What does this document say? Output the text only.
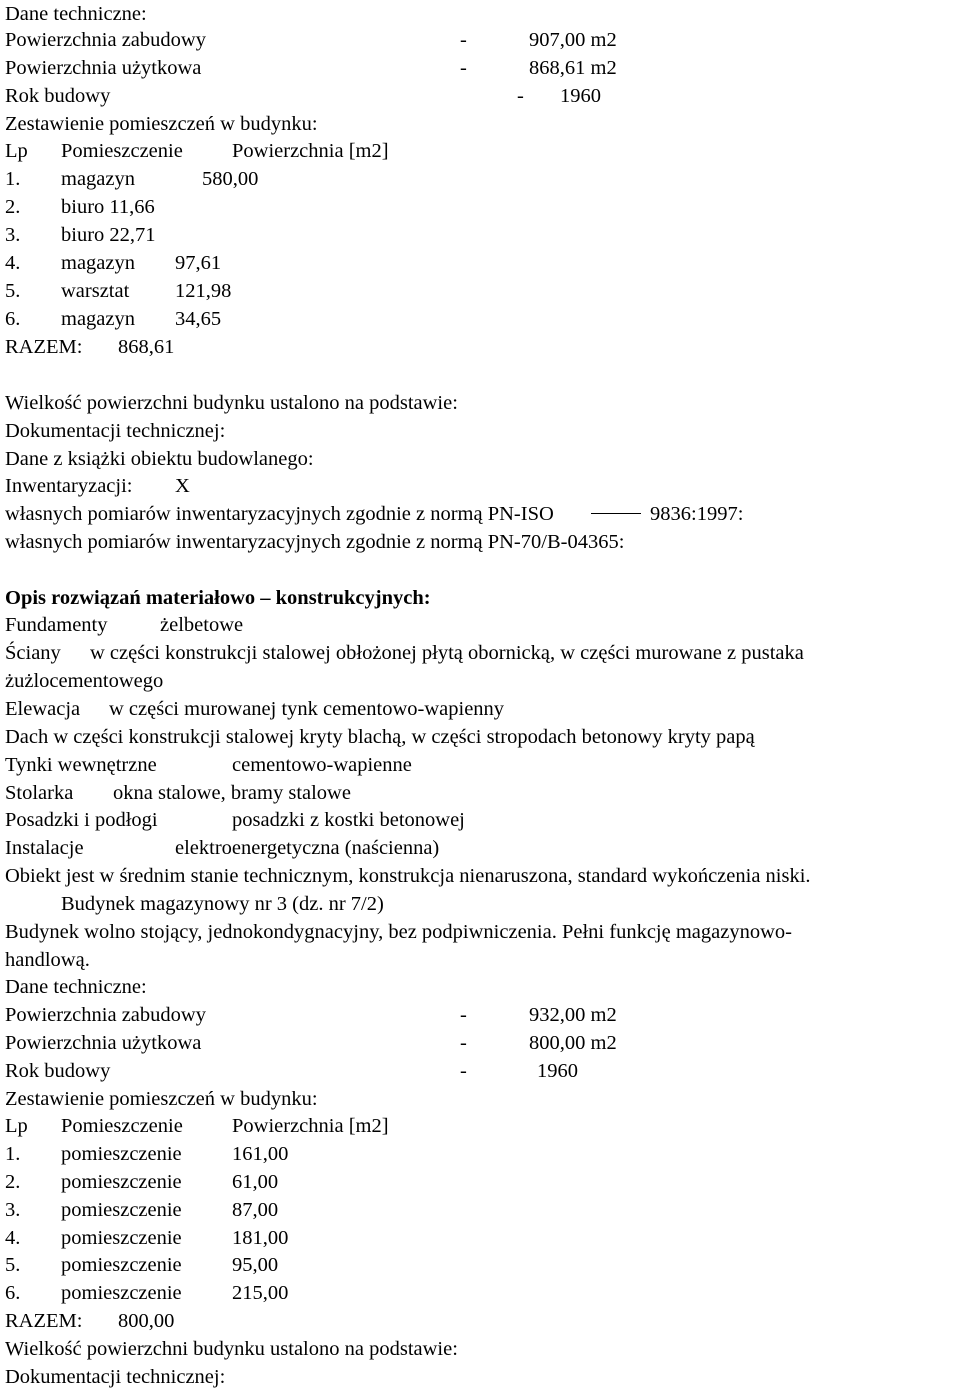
Dane techniczne:
Powierzchnia zabudowy	-	907,00 m2
Powierzchnia użytkowa	-	868,61 m2
Rok budowy	- 1960
Zestawienie pomieszczeń w budynku:
Lp Pomieszczenie Powierzchnia [m2]
1. magazyn	580,00
2. biuro 11,66
3. biuro 22,71
4. magazyn 97,61
5. warsztat 121,98
6. magazyn 34,65
RAZEM: 868,61
Wielkość powierzchni budynku ustalono na podstawie:
Dokumentacji technicznej:
Dane z książki obiektu budowlanego:
Inwentaryzacji: X
własnych pomiarów inwentaryzacyjnych zgodnie z normą PN-ISO	9836:1997:
własnych pomiarów inwentaryzacyjnych zgodnie z normą PN-70/B-04365:
Opis rozwiązań materiałowo – konstrukcyjnych:
Fundamenty	żelbetowe
Ściany w części konstrukcji stalowej obłożonej płytą obornicką, w części murowane z pustaka
żużlocementowego
Elewacja w części murowanej tynk cementowo-wapienny
Dach w części konstrukcji stalowej kryty blachą, w części stropodach betonowy kryty papą
Tynki wewnętrzne	cementowo-wapienne
Stolarka okna stalowe, bramy stalowe
Posadzki i podłogi	posadzki z kostki betonowej
Instalacje	elektroenergetyczna (naścienna)
Obiekt jest w średnim stanie technicznym, konstrukcja nienaruszona, standard wykończenia niski.
Budynek magazynowy nr 3 (dz. nr 7/2)
Budynek wolno stojący, jednokondygnacyjny, bez podpiwniczenia. Pełni funkcję magazynowo-
handlową.
Dane techniczne:
Powierzchnia zabudowy	-	932,00 m2
Powierzchnia użytkowa	-	800,00 m2
Rok budowy	-	1960
Zestawienie pomieszczeń w budynku:
Lp Pomieszczenie Powierzchnia [m2]
1. pomieszczenie 161,00
2. pomieszczenie 61,00
3. pomieszczenie 87,00
4. pomieszczenie 181,00
5. pomieszczenie 95,00
6. pomieszczenie 215,00
RAZEM: 800,00
Wielkość powierzchni budynku ustalono na podstawie:
Dokumentacji technicznej:
